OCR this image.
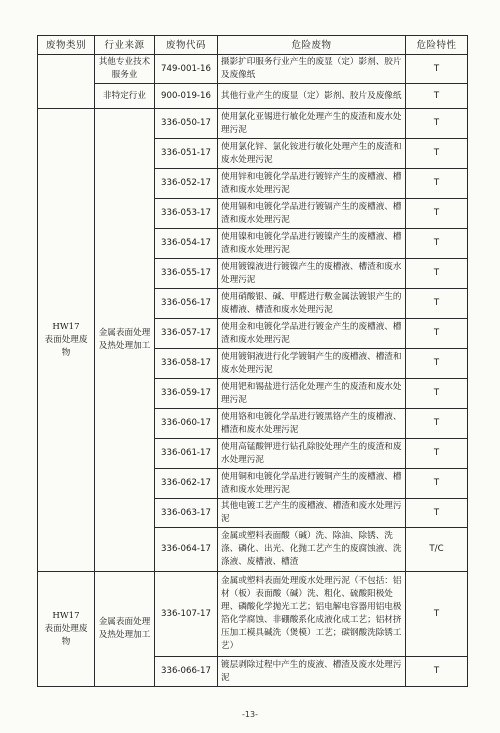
废物类别	行业来源	废物代码	危险废物	危险特性
	其他专业技术服务业	749-001-16	摄影扩印服务行业产生的废显（定）影剂、胶片及废像纸	T
	非特定行业	900-019-16	其他行业产生的废显（定）影剂、胶片及废像纸	T
HW17
表面处理废物	金属表面处理及热处理加工	336-050-17	使用氯化亚锡进行敏化处理产生的废渣和废水处理污泥	T
		336-051-17	使用氯化锌、氯化铵进行敏化处理产生的废渣和废水处理污泥	T
		336-052-17	使用锌和电镀化学品进行镀锌产生的废槽液、槽渣和废水处理污泥	T
		336-053-17	使用镉和电镀化学品进行镀镉产生的废槽液、槽渣和废水处理污泥	T
		336-054-17	使用镍和电镀化学品进行镀镍产生的废槽液、槽渣和废水处理污泥	T
		336-055-17	使用镀镍液进行镀镍产生的废槽液、槽渣和废水处理污泥	T
		336-056-17	使用硝酸银、碱、甲醛进行敷金属法镀银产生的废槽液、槽渣和废水处理污泥	T
		336-057-17	使用金和电镀化学品进行镀金产生的废槽液、槽渣和废水处理污泥	T
		336-058-17	使用镀铜液进行化学镀铜产生的废槽液、槽渣和废水处理污泥	T
		336-059-17	使用钯和锡盐进行活化处理产生的废渣和废水处理污泥	T
		336-060-17	使用铬和电镀化学品进行镀黑铬产生的废槽液、槽渣和废水处理污泥	T
		336-061-17	使用高锰酸钾进行钻孔除胶处理产生的废渣和废水处理污泥	T
		336-062-17	使用铜和电镀化学品进行镀铜产生的废槽液、槽渣和废水处理污泥	T
		336-063-17	其他电镀工艺产生的废槽液、槽渣和废水处理污泥	T
		336-064-17	金属或塑料表面酸（碱）洗、除油、除锈、洗涤、磷化、出光、化抛工艺产生的废腐蚀液、洗涤液、废槽液、槽渣	T/C
HW17
表面处理废物	金属表面处理及热处理加工	336-107-17	金属或塑料表面处理废水处理污泥（不包括：铝材（板）表面酸（碱）洗、粗化、硫酸阳极处理、磷酸化学抛光工艺；铝电解电容器用铝电极箔化学腐蚀、非硼酸系化成液化成工艺；铝材挤压加工模具碱洗（煲模）工艺；碳钢酸洗除锈工艺）	T
		336-066-17	镀层剥除过程中产生的废液、槽渣及废水处理污泥	T
-13-
